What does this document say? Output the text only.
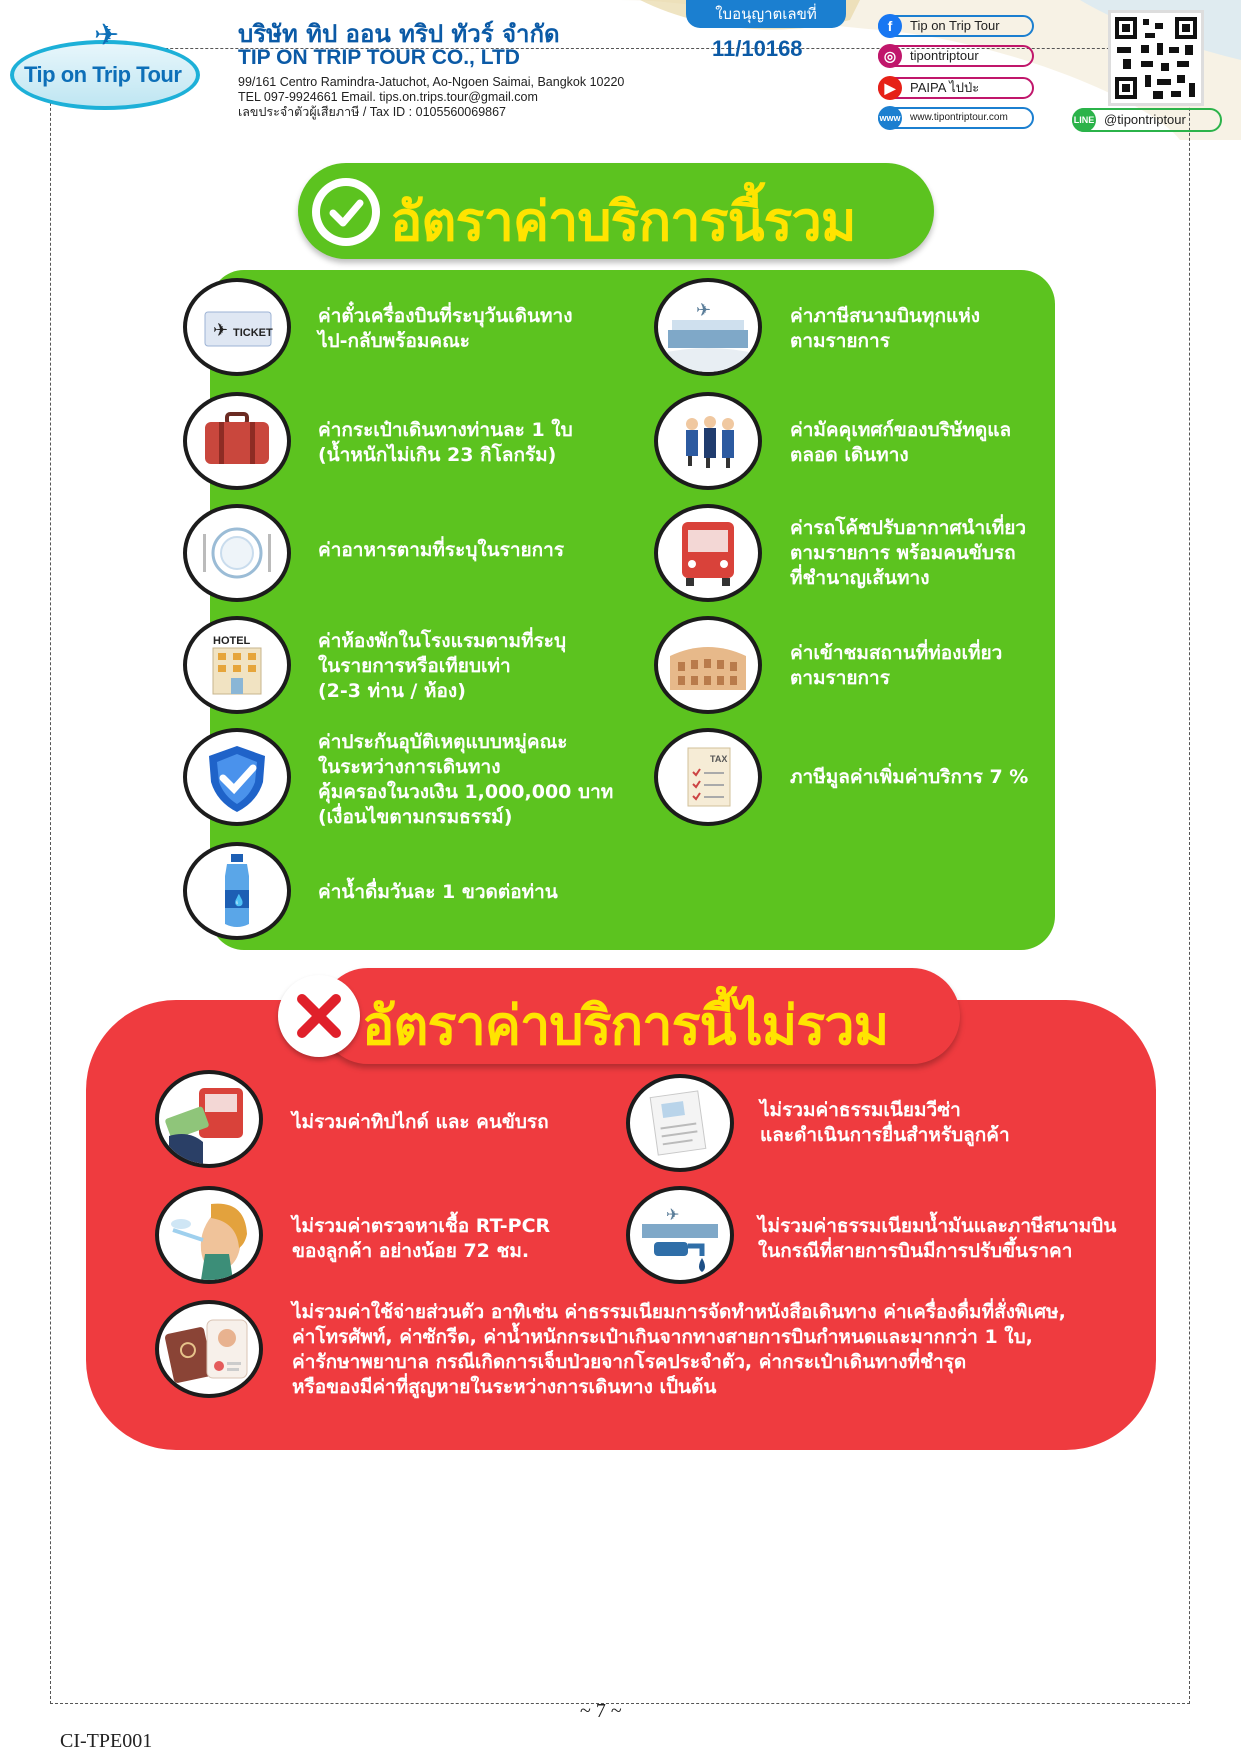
✈
Tip on Trip Tour
บริษัท ทิป ออน ทริป ทัวร์ จำกัด
TIP ON TRIP TOUR CO., LTD
99/161 Centro Ramindra-Jatuchot, Ao-Ngoen Saimai, Bangkok 10220
TEL 097-9924661 Email. tips.on.trips.tour@gmail.com
เลขประจำตัวผู้เสียภาษี / Tax ID : 0105560069867
ใบอนุญาตเลขที่
11/10168
f	Tip on Trip Tour
◎	tipontriptour
▶	PAIPA ไปป่ะ
www www.tipontriptour.com	LINE @tipontriptour
อัตราค่าบริการนี้รวม
✈ TICKET
ค่าตั๋วเครื่องบินที่ระบุวันเดินทาง
ไป-กลับพร้อมคณะ
✈	ค่าภาษีสนามบินทุกแห่ง
ตามรายการ
ค่ากระเป๋าเดินทางท่านละ 1 ใบ
(น้ำหนักไม่เกิน 23 กิโลกรัม)
ค่ามัคคุเทศก์ของบริษัทดูแล
ตลอด เดินทาง
ค่าอาหารตามที่ระบุในรายการ
ค่ารถโค้ชปรับอากาศนำเที่ยว
ตามรายการ พร้อมคนขับรถ
ที่ชำนาญเส้นทาง
HOTEL	ค่าห้องพักในโรงแรมตามที่ระบุ
ในรายการหรือเทียบเท่า
(2-3 ท่าน / ห้อง)
ค่าเข้าชมสถานที่ท่องเที่ยว
ตามรายการ
ค่าประกันอุบัติเหตุแบบหมู่คณะ
ในระหว่างการเดินทาง
คุ้มครองในวงเงิน 1,000,000 บาท
(เงื่อนไขตามกรมธรรม์)
TAX
ภาษีมูลค่าเพิ่มค่าบริการ 7 %
💧	ค่าน้ำดื่มวันละ 1 ขวดต่อท่าน
อัตราค่าบริการนี้ไม่รวม
ไม่รวมค่าทิปไกด์ และ คนขับรถ
ไม่รวมค่าธรรมเนียมวีซ่า
และดำเนินการยื่นสำหรับลูกค้า
ไม่รวมค่าตรวจหาเชื้อ RT-PCR
ของลูกค้า อย่างน้อย 72 ชม.
✈
ไม่รวมค่าธรรมเนียมน้ำมันและภาษีสนามบิน
ในกรณีที่สายการบินมีการปรับขึ้นราคา
ไม่รวมค่าใช้จ่ายส่วนตัว อาทิเช่น ค่าธรรมเนียมการจัดทำหนังสือเดินทาง ค่าเครื่องดื่มที่สั่งพิเศษ,
ค่าโทรศัพท์, ค่าซักรีด, ค่าน้ำหนักกระเป๋าเกินจากทางสายการบินกำหนดและมากกว่า 1 ใบ,
ค่ารักษาพยาบาล กรณีเกิดการเจ็บป่วยจากโรคประจำตัว, ค่ากระเป๋าเดินทางที่ชำรุด
หรือของมีค่าที่สูญหายในระหว่างการเดินทาง เป็นต้น
~ 7 ~
CI-TPE001
